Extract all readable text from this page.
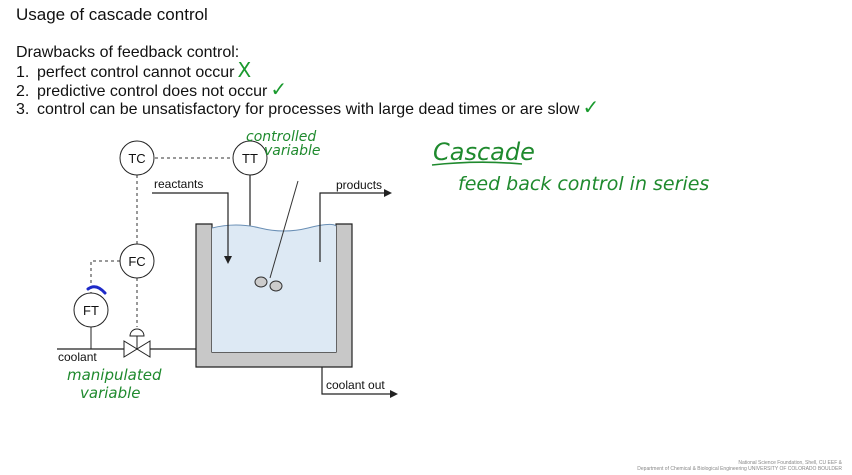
Usage of cascade control
Drawbacks of feedback control:
1. perfect control cannot occur X
2. predictive control does not occur ✓
3. control can be unsatisfactory for processes with large dead times or are slow ✓
TC	TT
FC
FT
reactants	products
coolant
coolant out
controlled
variable
manipulated
variable
Cascade
feed back control in series
National Science Foundation, Shell, CU EEF &
Department of Chemical & Biological Engineering UNIVERSITY OF COLORADO BOULDER
